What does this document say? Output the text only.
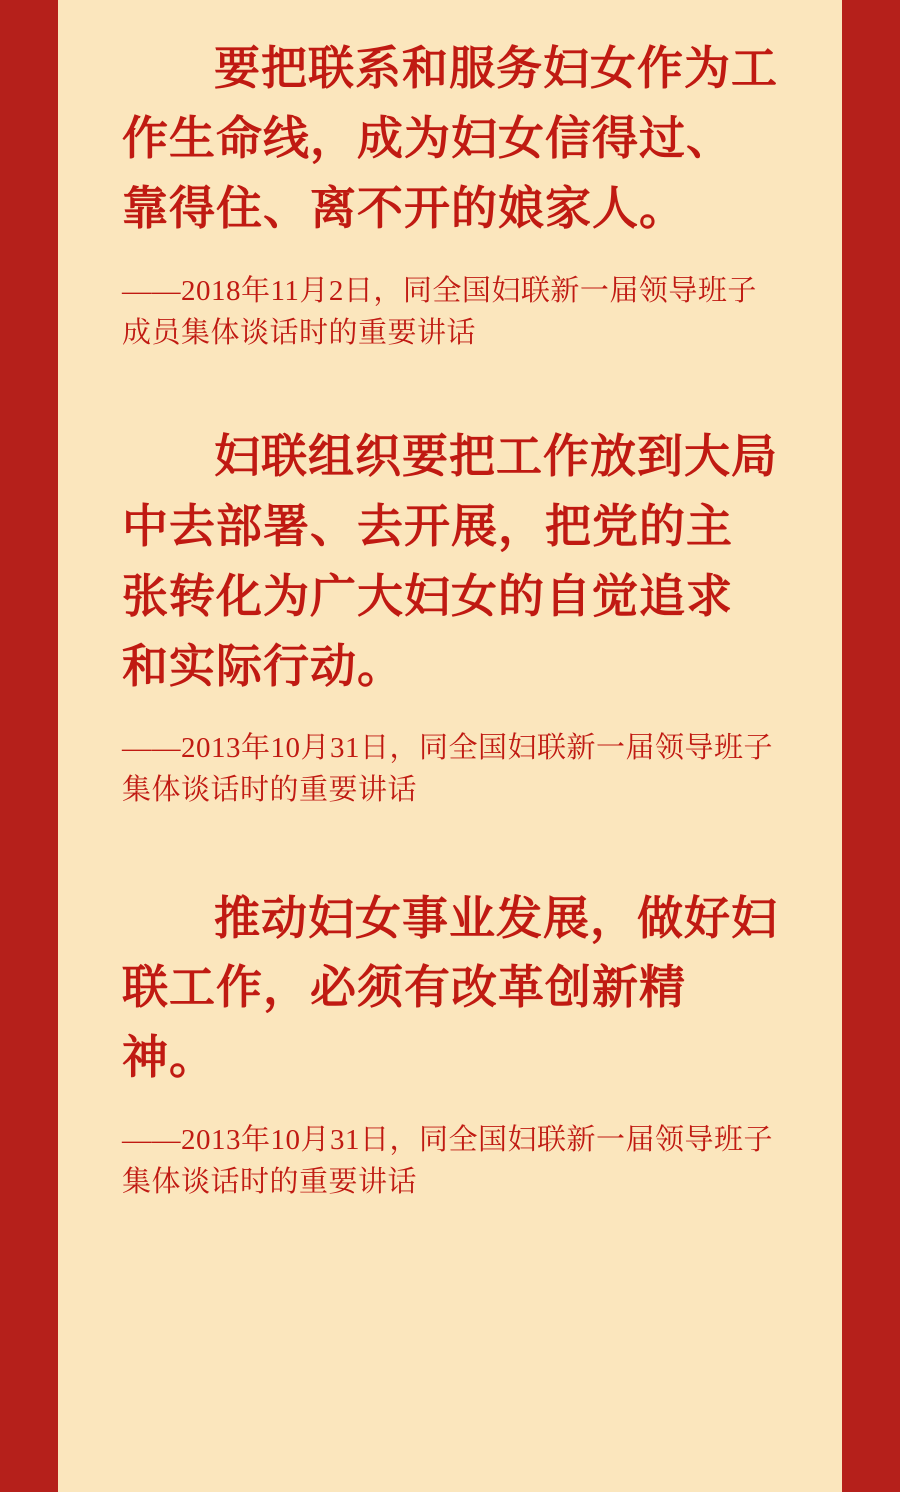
要把联系和服务妇女作为工作生命线，成为妇女信得过、靠得住、离不开的娘家人。

——2018年11月2日，同全国妇联新一届领导班子成员集体谈话时的重要讲话

妇联组织要把工作放到大局中去部署、去开展，把党的主张转化为广大妇女的自觉追求和实际行动。

——2013年10月31日，同全国妇联新一届领导班子集体谈话时的重要讲话

推动妇女事业发展，做好妇联工作，必须有改革创新精神。

——2013年10月31日，同全国妇联新一届领导班子集体谈话时的重要讲话
